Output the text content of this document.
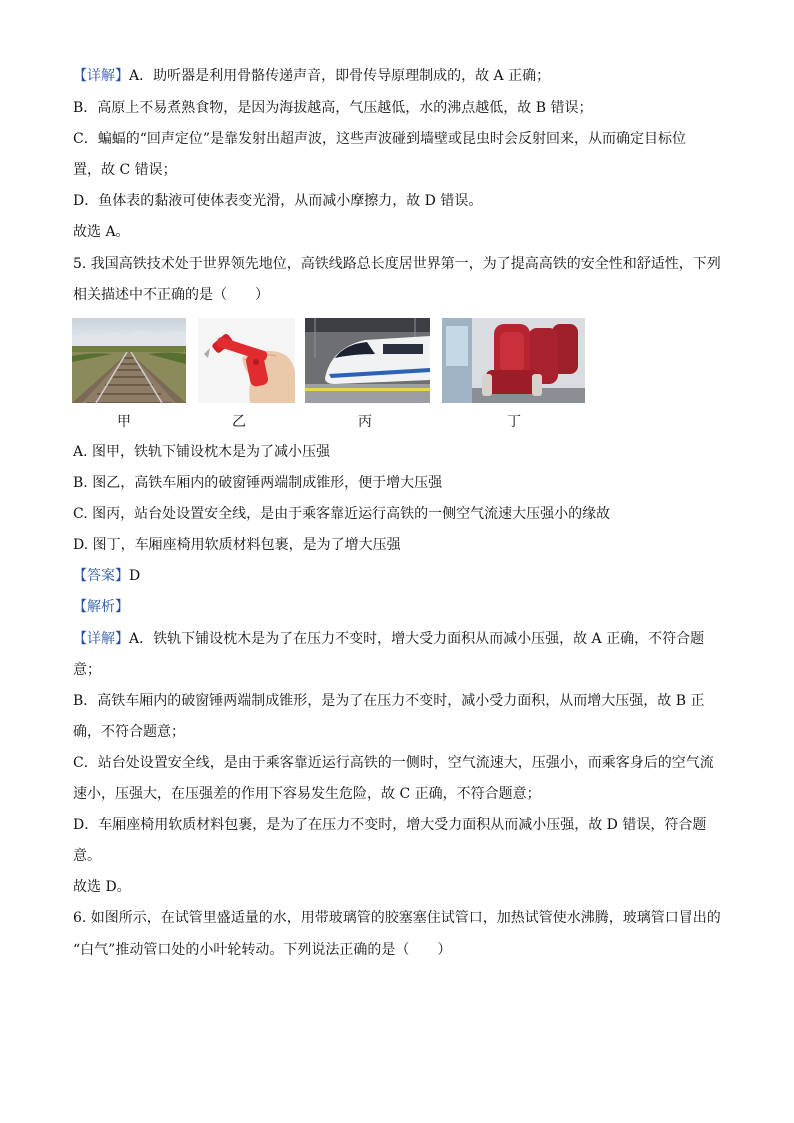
【详解】A．助听器是利用骨骼传递声音，即骨传导原理制成的，故 A 正确；
B．高原上不易煮熟食物，是因为海拔越高，气压越低，水的沸点越低，故 B 错误；
C．蝙蝠的“回声定位”是靠发射出超声波，这些声波碰到墙壁或昆虫时会反射回来，从而确定目标位
置，故 C 错误；
D．鱼体表的黏液可使体表变光滑，从而减小摩擦力，故 D 错误。
故选 A。
5. 我国高铁技术处于世界领先地位，高铁线路总长度居世界第一，为了提高高铁的安全性和舒适性，下列
相关描述中不正确的是（　　）
甲	乙	丙	丁
A. 图甲，铁轨下铺设枕木是为了减小压强
B. 图乙，高铁车厢内的破窗锤两端制成锥形，便于增大压强
C. 图丙，站台处设置安全线，是由于乘客靠近运行高铁的一侧空气流速大压强小的缘故
D. 图丁，车厢座椅用软质材料包裹，是为了增大压强
【答案】D
【解析】
【详解】A．铁轨下铺设枕木是为了在压力不变时，增大受力面积从而减小压强，故 A 正确，不符合题
意；
B．高铁车厢内的破窗锤两端制成锥形，是为了在压力不变时，减小受力面积，从而增大压强，故 B 正
确，不符合题意；
C．站台处设置安全线，是由于乘客靠近运行高铁的一侧时，空气流速大，压强小，而乘客身后的空气流
速小，压强大，在压强差的作用下容易发生危险，故 C 正确，不符合题意；
D．车厢座椅用软质材料包裹，是为了在压力不变时，增大受力面积从而减小压强，故 D 错误，符合题
意。
故选 D。
6. 如图所示，在试管里盛适量的水，用带玻璃管的胶塞塞住试管口，加热试管使水沸腾，玻璃管口冒出的
“白气”推动管口处的小叶轮转动。下列说法正确的是（　　）
